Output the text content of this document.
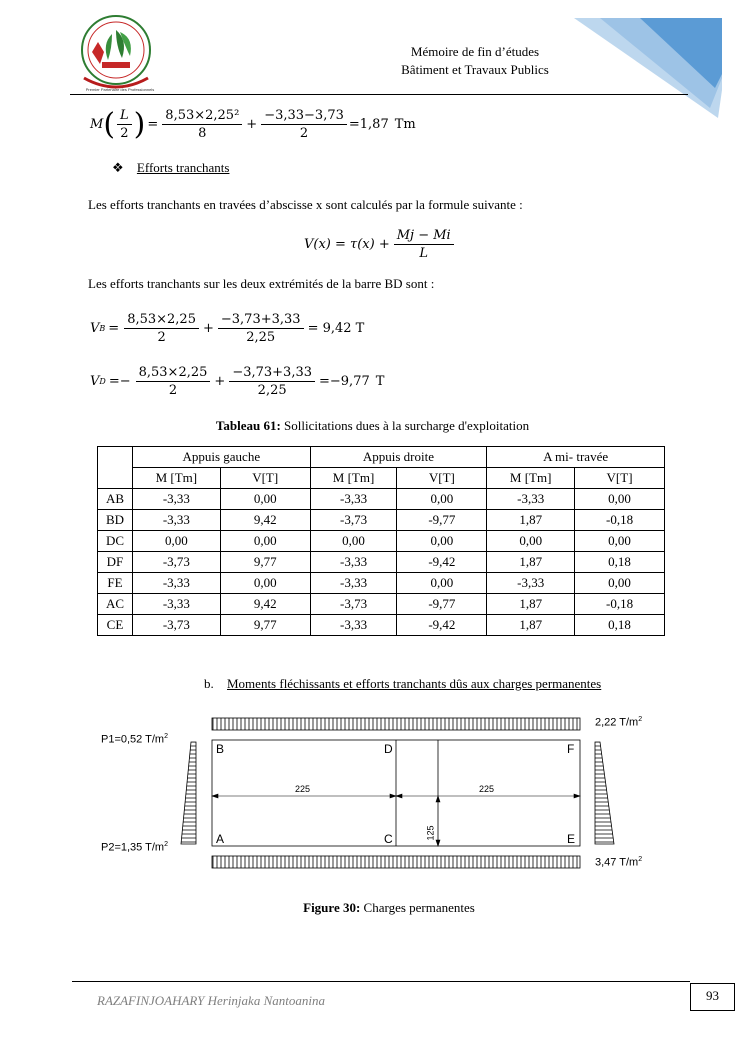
Premier Partenaire des Professionnels
Mémoire de fin d’études
Bâtiment et Travaux Publics
M ( $\frac{L}{2}$ ) = $\frac{\text{8,53×2,25²}}{8} + \frac{-3,33-3,73}{2} =1,87$ Tm
❖ Efforts tranchants
Les efforts tranchants en travées d’abscisse x sont calculés par la formule suivante :
$V(x) = \tau(x) + \frac{Mj - Mi}{L}$
Les efforts tranchants sur les deux extrémités de la barre BD sont :
V $B = \frac{8,53\times 2,25}{2} + \frac{-3,73+3,33}{2,25} = 9,42$ T
V $D =- \frac{8,53\times 2,25}{2} + \frac{-3,73+3,33}{2,25} =-9,77$ T
Tableau 61: Sollicitations dues à la surcharge d'exploitation
	Appuis gauche		Appuis droite		A mi- travée	
	M [Tm]	V[T]	M [Tm]	V[T]	M [Tm]	V[T]
AB	-3,33	0,00	-3,33	0,00	-3,33	0,00
BD	-3,33	9,42	-3,73	-9,77	1,87	-0,18
DC	0,00	0,00	0,00	0,00	0,00	0,00
DF	-3,73	9,77	-3,33	-9,42	1,87	0,18
FE	-3,33	0,00	-3,33	0,00	-3,33	0,00
AC	-3,33	9,42	-3,73	-9,77	1,87	-0,18
CE	-3,73	9,77	-3,33	-9,42	1,87	0,18
b. Moments fléchissants et efforts tranchants dûs aux charges permanentes
P1=0,52 $T/m^2$
P2=1,35 $T/m^2$
2,22 $T/m^2$
3,47 $T/m^2$
B	D	F
A	C	E
225	225
125
Figure 30: Charges permanentes
RAZAFINJOAHARY Herinjaka Nantoanina	93
